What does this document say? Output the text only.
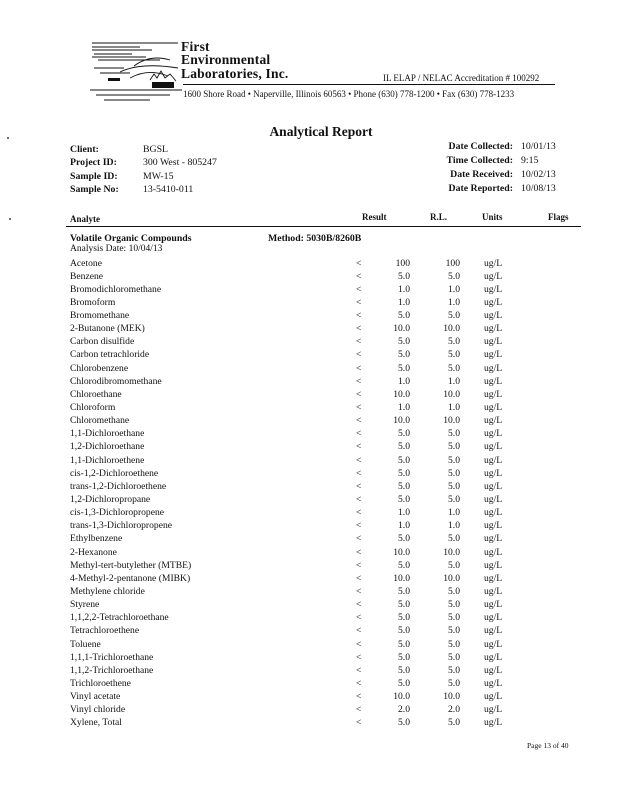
First
Environmental
Laboratories, Inc.	IL ELAP / NELAC Accreditation # 100292
1600 Shore Road • Naperville, Illinois 60563 • Phone (630) 778-1200 • Fax (630) 778-1233
Analytical Report
Client:	BGSL
Project ID:	300 West - 805247
Sample ID:	MW-15
Sample No: 13-5410-011
Date Collected: 10/01/13
Time Collected: 9:15
Date Received: 10/02/13
Date Reported: 10/08/13
Analyte	Result	R.L.	Units	Flags
Volatile Organic Compounds	Method: 5030B/8260B
Analysis Date: 10/04/13
Acetone	<	100	100	ug/L
Benzene	<	5.0	5.0	ug/L
Bromodichloromethane	<	1.0	1.0	ug/L
Bromoform	<	1.0	1.0	ug/L
Bromomethane	<	5.0	5.0	ug/L
2-Butanone (MEK)	<	10.0	10.0	ug/L
Carbon disulfide	<	5.0	5.0	ug/L
Carbon tetrachloride	<	5.0	5.0	ug/L
Chlorobenzene	<	5.0	5.0	ug/L
Chlorodibromomethane	<	1.0	1.0	ug/L
Chloroethane	<	10.0	10.0	ug/L
Chloroform	<	1.0	1.0	ug/L
Chloromethane	<	10.0	10.0	ug/L
1,1-Dichloroethane	<	5.0	5.0	ug/L
1,2-Dichloroethane	<	5.0	5.0	ug/L
1,1-Dichloroethene	<	5.0	5.0	ug/L
cis-1,2-Dichloroethene	<	5.0	5.0	ug/L
trans-1,2-Dichloroethene	<	5.0	5.0	ug/L
1,2-Dichloropropane	<	5.0	5.0	ug/L
cis-1,3-Dichloropropene	<	1.0	1.0	ug/L
trans-1,3-Dichloropropene	<	1.0	1.0	ug/L
Ethylbenzene	<	5.0	5.0	ug/L
2-Hexanone	<	10.0	10.0	ug/L
Methyl-tert-butylether (MTBE)	<	5.0	5.0	ug/L
4-Methyl-2-pentanone (MIBK)	<	10.0	10.0	ug/L
Methylene chloride	<	5.0	5.0	ug/L
Styrene	<	5.0	5.0	ug/L
1,1,2,2-Tetrachloroethane	<	5.0	5.0	ug/L
Tetrachloroethene	<	5.0	5.0	ug/L
Toluene	<	5.0	5.0	ug/L
1,1,1-Trichloroethane	<	5.0	5.0	ug/L
1,1,2-Trichloroethane	<	5.0	5.0	ug/L
Trichloroethene	<	5.0	5.0	ug/L
Vinyl acetate	<	10.0	10.0	ug/L
Vinyl chloride	<	2.0	2.0	ug/L
Xylene, Total	<	5.0	5.0	ug/L
Page 13 of 40
